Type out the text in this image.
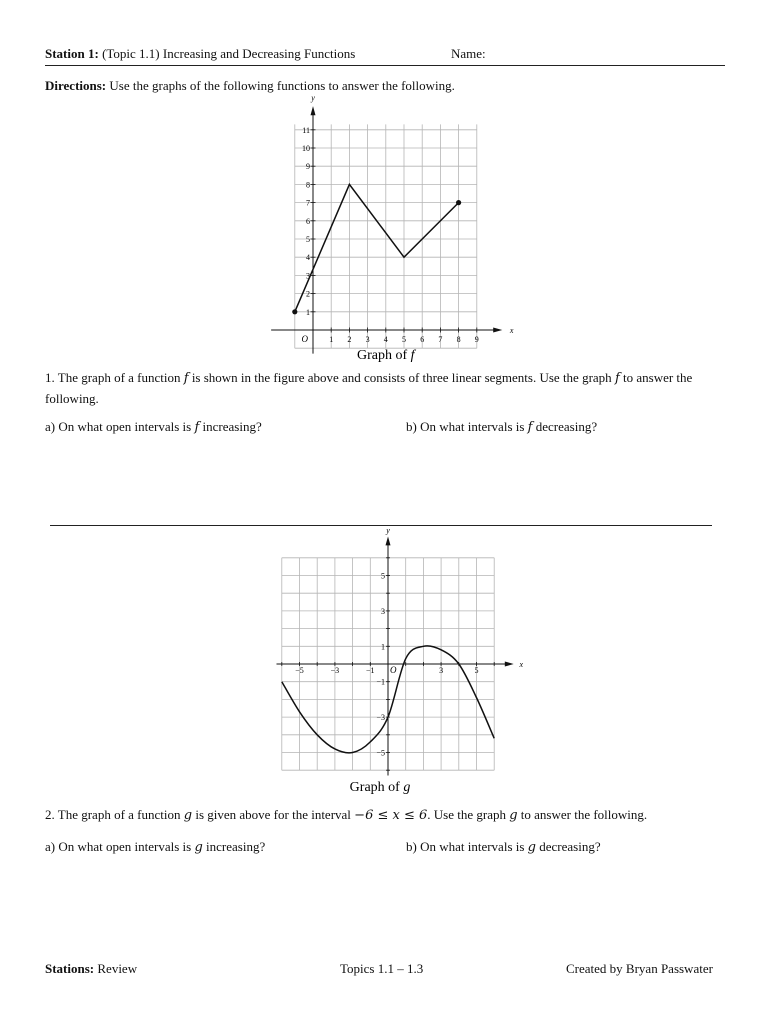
Station 1: (Topic 1.1) Increasing and Decreasing Functions	Name:
Directions: Use the graphs of the following functions to answer the following.
1 2 3 4 5 6 7 8 9
1
2
3
4
5
6
7
8
9
10
11
O
x
y
Graph of f
1. The graph of a function f is shown in the figure above and consists of three linear segments. Use the graph f to answer the following.
a) On what open intervals is f increasing?	b) On what intervals is f decreasing?
−5	−3	−1	3	5
5
3
1
−1
−3
−5
O
x
y
Graph of g
2. The graph of a function g is given above for the interval −6 ≤ x ≤ 6. Use the graph g to answer the following.
a) On what open intervals is g increasing?	b) On what intervals is g decreasing?
Stations: Review	Topics 1.1 – 1.3	Created by Bryan Passwater
